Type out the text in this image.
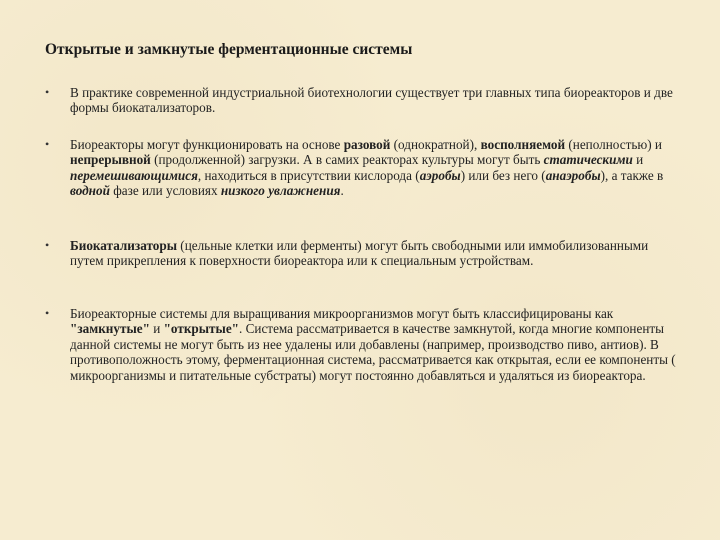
Открытые и замкнутые ферментационные системы
• В практике современной индустриальной биотехнологии существует три главных типа биореакторов и две формы биокатализаторов.
• Биореакторы могут функционировать на основе разовой (однократной), восполняемой (неполностью) и непрерывной (продолженной) загрузки. А в самих реакторах культуры могут быть статическими и перемешивающимися, находиться в присутствии кислорода (аэробы) или без него (анаэробы), а также в водной фазе или условиях низкого увлажнения.
• Биокатализаторы (цельные клетки или ферменты) могут быть свободными или иммобилизованными путем прикрепления к поверхности биореактора или к специальным устройствам.
• Биореакторные системы для выращивания микроорганизмов могут быть классифицированы как "замкнутые" и "открытые". Система рассматривается в качестве замкнутой, когда многие компоненты данной системы не могут быть из нее удалены или добавлены (например, производство пиво, антиов). В противоположность этому, ферментационная система, рассматривается как открытая, если ее компоненты ( микроорганизмы и питательные субстраты) могут постоянно добавляться и удаляться из биореактора.
